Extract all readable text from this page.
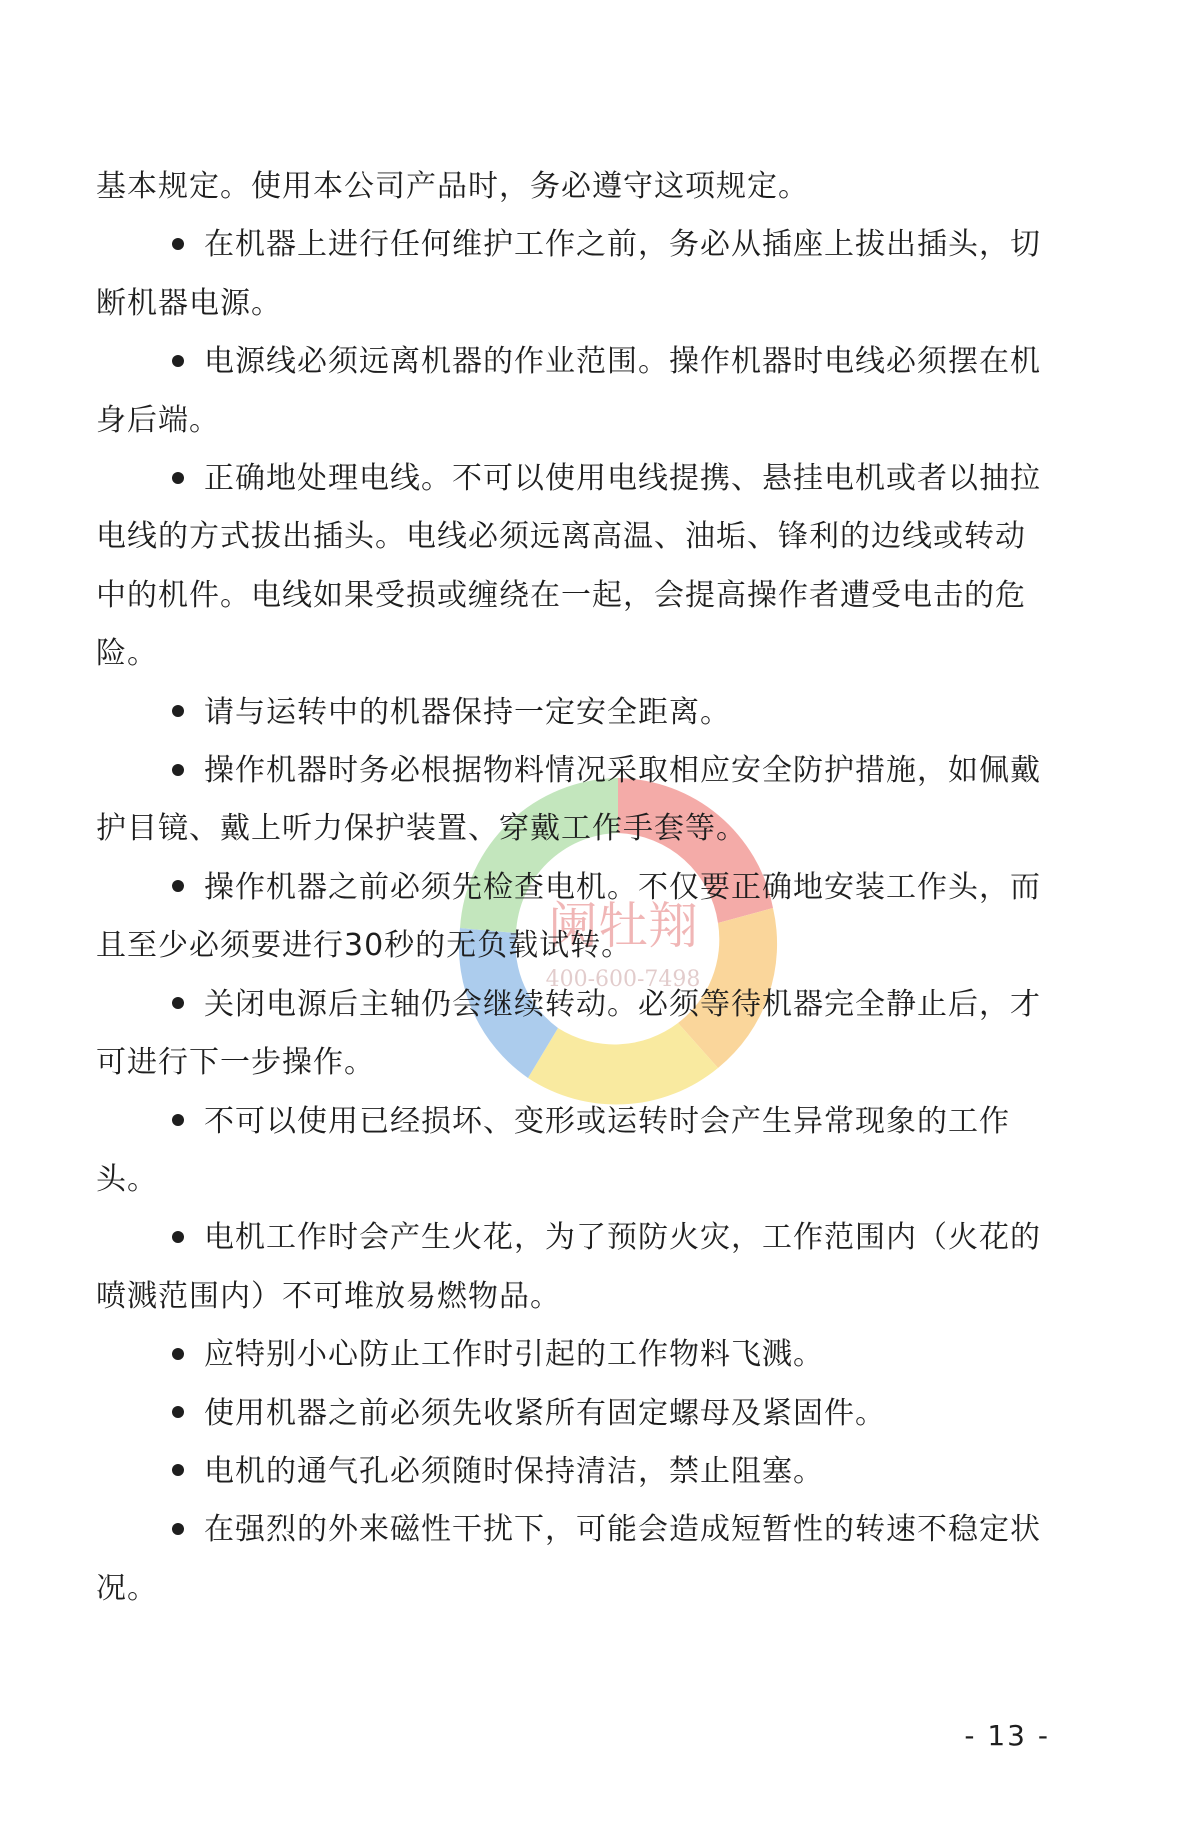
阑牡翔
400-600-7498

基本规定。使用本公司产品时，务必遵守这项规定。

在机器上进行任何维护工作之前，务必从插座上拔出插头，切断机器电源。

电源线必须远离机器的作业范围。操作机器时电线必须摆在机身后端。

正确地处理电线。不可以使用电线提携、悬挂电机或者以抽拉电线的方式拔出插头。电线必须远离高温、油垢、锋利的边线或转动中的机件。电线如果受损或缠绕在一起，会提高操作者遭受电击的危险。

请与运转中的机器保持一定安全距离。

操作机器时务必根据物料情况采取相应安全防护措施，如佩戴护目镜、戴上听力保护装置、穿戴工作手套等。

操作机器之前必须先检查电机。不仅要正确地安装工作头，而且至少必须要进行30秒的无负载试转。

关闭电源后主轴仍会继续转动。必须等待机器完全静止后，才可进行下一步操作。

不可以使用已经损坏、变形或运转时会产生异常现象的工作头。

电机工作时会产生火花，为了预防火灾，工作范围内（火花的喷溅范围内）不可堆放易燃物品。

应特别小心防止工作时引起的工作物料飞溅。

使用机器之前必须先收紧所有固定螺母及紧固件。

电机的通气孔必须随时保持清洁，禁止阻塞。

在强烈的外来磁性干扰下，可能会造成短暂性的转速不稳定状况。

- 13 -
